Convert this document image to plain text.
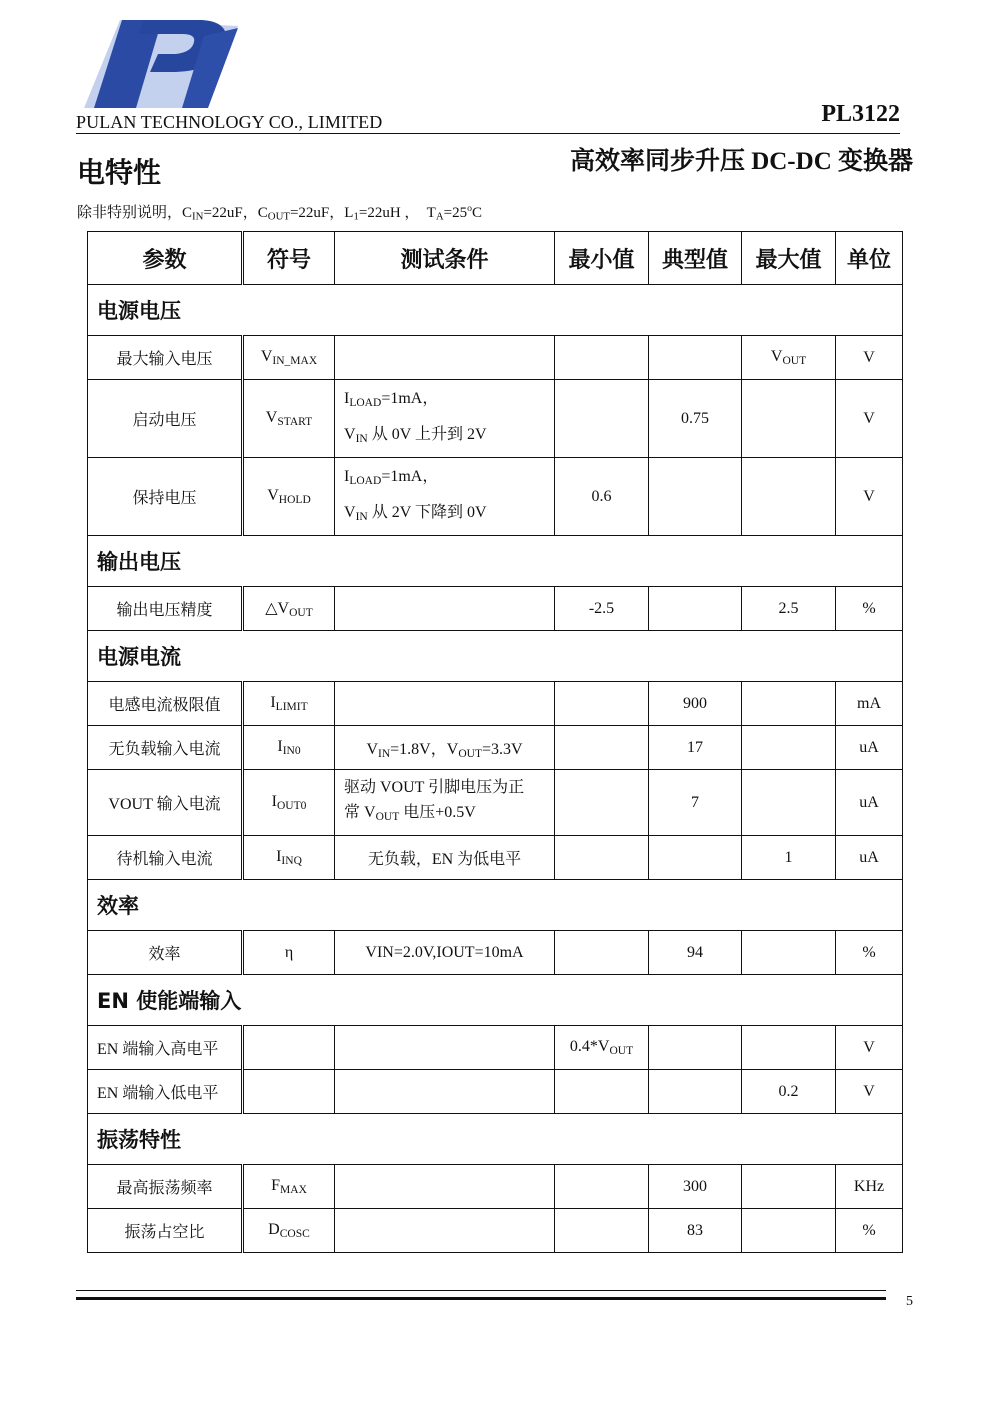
PULAN TECHNOLOGY CO., LIMITED	PL3122
电特性	高效率同步升压 DC-DC 变换器
除非特别说明，$C_{IN}=22uF$，$C_{OUT}=22uF$，$L_1=22uH$ ，  $T_A=25^oC$
参数	符号	测试条件	最小值	典型值	最大值	单位
电源电压						
最大输入电压	$V_{IN\_MAX}$				$V_{OUT}$	V
启动电压	$V_{START}$	$I_{LOAD}=1mA$，
$V_{IN}$ 从 0V 上升到 2V		0.75		V
保持电压	$V_{HOLD}$	$I_{LOAD}=1mA$，
$V_{IN}$ 从 2V 下降到 0V	0.6			V
输出电压						
输出电压精度	$\triangle V_{OUT}$		-2.5		2.5	%
电源电流						
电感电流极限值	$I_{LIMIT}$			900		mA
无负载输入电流	$I_{IN0}$	$V_{IN}=1.8V$，$V_{OUT}=3.3V$		17		uA
VOUT 输入电流	$I_{OUT0}$	驱动 VOUT 引脚电压为正
常 $V_{OUT}$ 电压+0.5V		7		uA
待机输入电流	$I_{INQ}$	无负载，EN 为低电平			1	uA
效率						
效率	η	VIN=2.0V,IOUT=10mA		94		%
EN 使能端输入						
EN 端输入高电平			$0.4*V_{OUT}$			V
EN 端输入低电平					0.2	V
振荡特性						
最高振荡频率	$F_{MAX}$			300		KHz
振荡占空比	$D_{COSC}$			83		%
5
